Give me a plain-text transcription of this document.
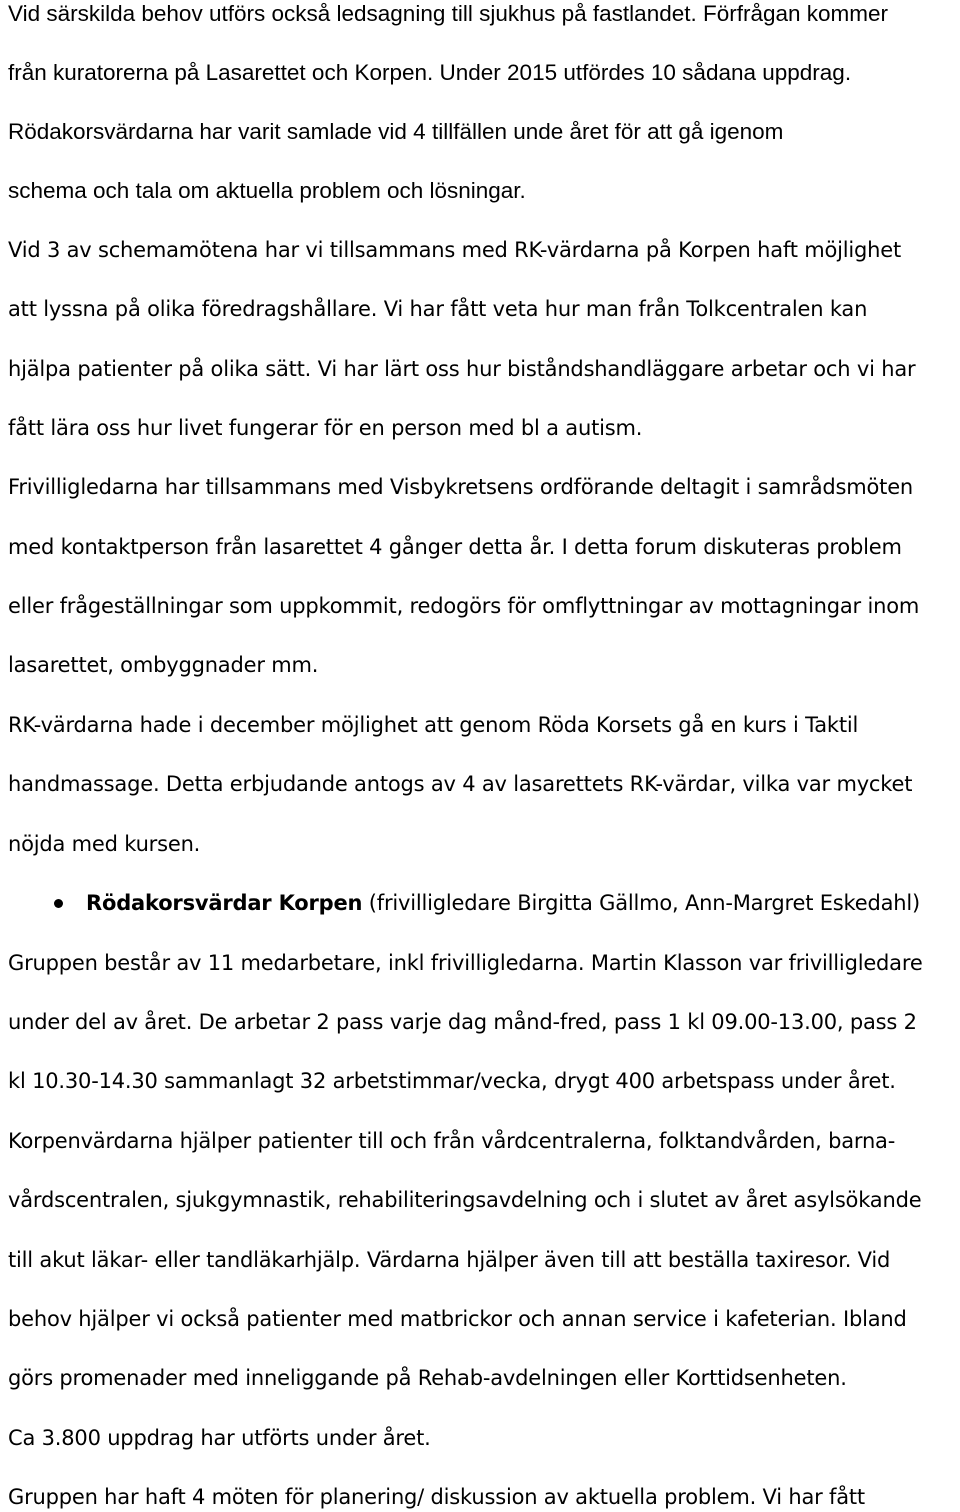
Vid särskilda behov utförs också ledsagning till sjukhus på fastlandet. Förfrågan kommer
från kuratorerna på Lasarettet och Korpen. Under 2015 utfördes 10 sådana uppdrag.
Rödakorsvärdarna har varit samlade vid 4 tillfällen unde året för att gå igenom
schema och tala om aktuella problem och lösningar.
Vid 3 av schemamötena har vi tillsammans med RK-värdarna på Korpen haft möjlighet
att lyssna på olika föredragshållare. Vi har fått veta hur man från Tolkcentralen kan
hjälpa patienter på olika sätt. Vi har lärt oss hur biståndshandläggare arbetar och vi har
fått lära oss hur livet fungerar för en person med bl a autism.
Frivilligledarna har tillsammans med Visbykretsens ordförande deltagit i samrådsmöten
med kontaktperson från lasarettet 4 gånger detta år. I detta forum diskuteras problem
eller frågeställningar som uppkommit, redogörs för omflyttningar av mottagningar inom
lasarettet, ombyggnader mm.
RK-värdarna hade i december möjlighet att genom Röda Korsets gå en kurs i Taktil
handmassage. Detta erbjudande antogs av 4 av lasarettets RK-värdar, vilka var mycket
nöjda med kursen.
Rödakorsvärdar Korpen (frivilligledare Birgitta Gällmo, Ann-Margret Eskedahl)
Gruppen består av 11 medarbetare, inkl frivilligledarna. Martin Klasson var frivilligledare
under del av året. De arbetar 2 pass varje dag månd-fred, pass 1 kl 09.00-13.00, pass 2
kl 10.30-14.30 sammanlagt 32 arbetstimmar/vecka, drygt 400 arbetspass under året.
Korpenvärdarna hjälper patienter till och från vårdcentralerna, folktandvården, barna-
vårdscentralen, sjukgymnastik, rehabiliteringsavdelning och i slutet av året asylsökande
till akut läkar- eller tandläkarhjälp. Värdarna hjälper även till att beställa taxiresor. Vid
behov hjälper vi också patienter med matbrickor och annan service i kafeterian. Ibland
görs promenader med inneliggande på Rehab-avdelningen eller Korttidsenheten.
Ca 3.800 uppdrag har utförts under året.
Gruppen har haft 4 möten för planering/ diskussion av aktuella problem. Vi har fått
